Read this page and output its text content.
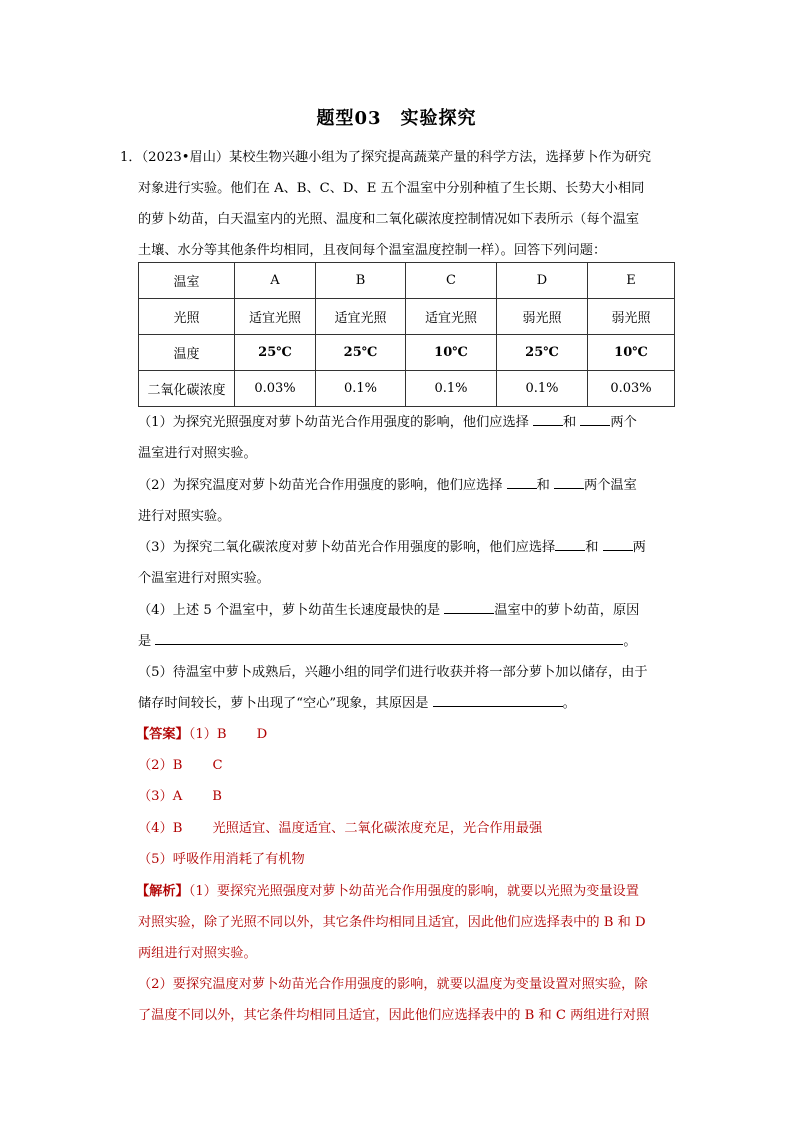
题型03　实验探究
1．（2023•眉山）某校生物兴趣小组为了探究提高蔬菜产量的科学方法，选择萝卜作为研究
对象进行实验。他们在 A、B、C、D、E 五个温室中分别种植了生长期、长势大小相同
的萝卜幼苗，白天温室内的光照、温度和二氧化碳浓度控制情况如下表所示（每个温室
土壤、水分等其他条件均相同，且夜间每个温室温度控制一样）。回答下列问题：
温室	A	B	C	D	E
光照	适宜光照	适宜光照	适宜光照	弱光照	弱光照
温度	25℃	25℃	10℃	25℃	10℃
二氧化碳浓度	0.03%	0.1%	0.1%	0.1%	0.03%
（1）为探究光照强度对萝卜幼苗光合作用强度的影响，他们应选择 和 两个
温室进行对照实验。
（2）为探究温度对萝卜幼苗光合作用强度的影响，他们应选择 和 两个温室
进行对照实验。
（3）为探究二氧化碳浓度对萝卜幼苗光合作用强度的影响，他们应选择 和 两
个温室进行对照实验。
（4）上述 5 个温室中，萝卜幼苗生长速度最快的是	温室中的萝卜幼苗，原因
是	。
（5）待温室中萝卜成熟后，兴趣小组的同学们进行收获并将一部分萝卜加以储存，由于
储存时间较长，萝卜出现了“空心”现象，其原因是	。
【答案】（1）B D
（2）B C
（3）A B
（4）B 光照适宜、温度适宜、二氧化碳浓度充足，光合作用最强
（5）呼吸作用消耗了有机物
【解析】（1）要探究光照强度对萝卜幼苗光合作用强度的影响，就要以光照为变量设置
对照实验，除了光照不同以外，其它条件均相同且适宜，因此他们应选择表中的 B 和 D
两组进行对照实验。
（2）要探究温度对萝卜幼苗光合作用强度的影响，就要以温度为变量设置对照实验，除
了温度不同以外，其它条件均相同且适宜，因此他们应选择表中的 B 和 C 两组进行对照
